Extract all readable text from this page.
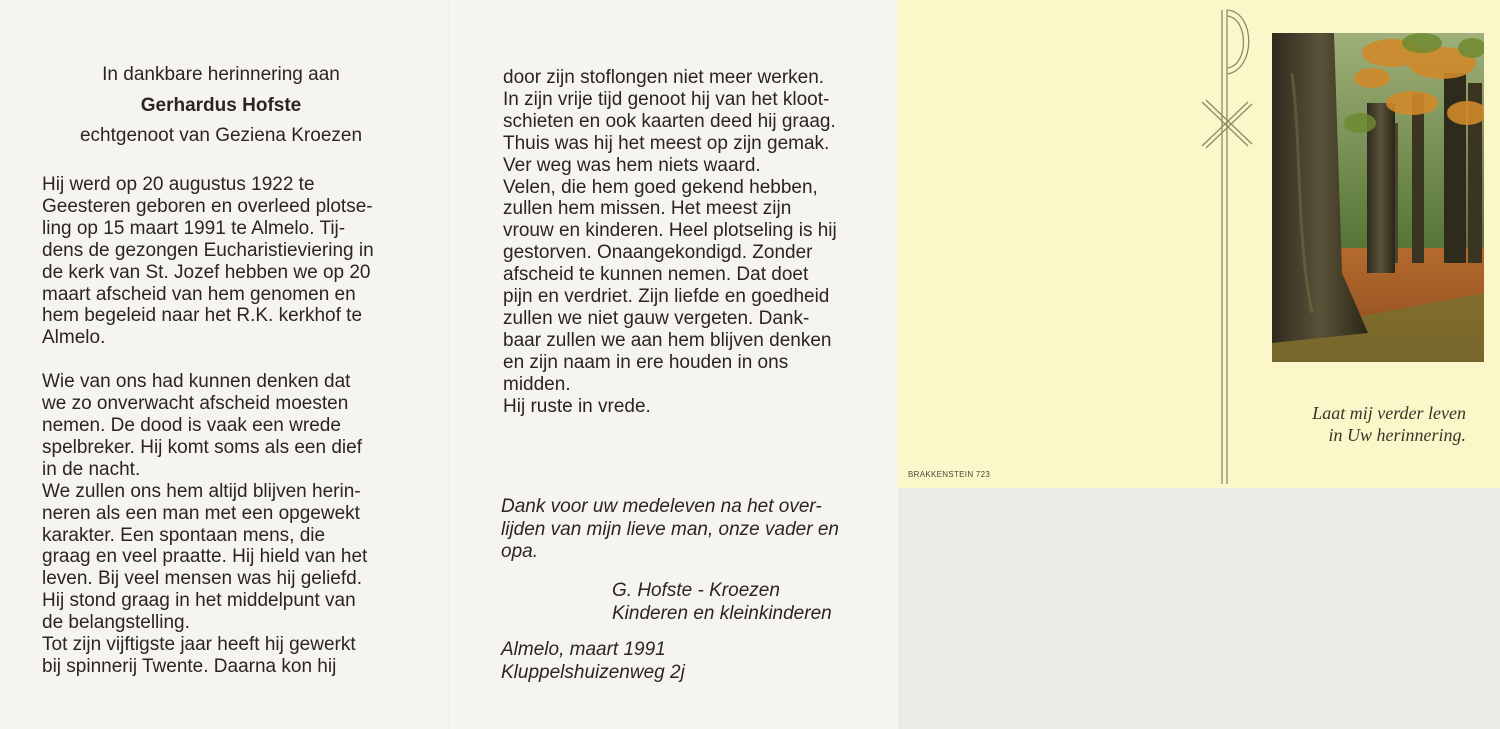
In dankbare herinnering aan
Gerhardus Hofste
echtgenoot van Geziena Kroezen

Hij werd op 20 augustus 1922 te

Geesteren geboren en overleed plotse-

ling op 15 maart 1991 te Almelo. Tij-

dens de gezongen Eucharistieviering in

de kerk van St. Jozef hebben we op 20

maart afscheid van hem genomen en

hem begeleid naar het R.K. kerkhof te

Almelo.

Wie van ons had kunnen denken dat

we zo onverwacht afscheid moesten

nemen. De dood is vaak een wrede

spelbreker. Hij komt soms als een dief

in de nacht.

We zullen ons hem altijd blijven herin-

neren als een man met een opgewekt

karakter. Een spontaan mens, die

graag en veel praatte. Hij hield van het

leven. Bij veel mensen was hij geliefd.

Hij stond graag in het middelpunt van

de belangstelling.

Tot zijn vijftigste jaar heeft hij gewerkt

bij spinnerij Twente. Daarna kon hij

door zijn stoflongen niet meer werken.

In zijn vrije tijd genoot hij van het kloot-

schieten en ook kaarten deed hij graag.

Thuis was hij het meest op zijn gemak.

Ver weg was hem niets waard.

Velen, die hem goed gekend hebben,

zullen hem missen. Het meest zijn

vrouw en kinderen. Heel plotseling is hij

gestorven. Onaangekondigd. Zonder

afscheid te kunnen nemen. Dat doet

pijn en verdriet. Zijn liefde en goedheid

zullen we niet gauw vergeten. Dank-

baar zullen we aan hem blijven denken

en zijn naam in ere houden in ons

midden.

Hij ruste in vrede.

Dank voor uw medeleven na het over-
lijden van mijn lieve man, onze vader en
opa.
G. Hofste - Kroezen
Kinderen en kleinkinderen
Almelo, maart 1991
Kluppelshuizenweg 2j
Laat mij verder leven
in Uw herinnering.
BRAKKENSTEIN 723
